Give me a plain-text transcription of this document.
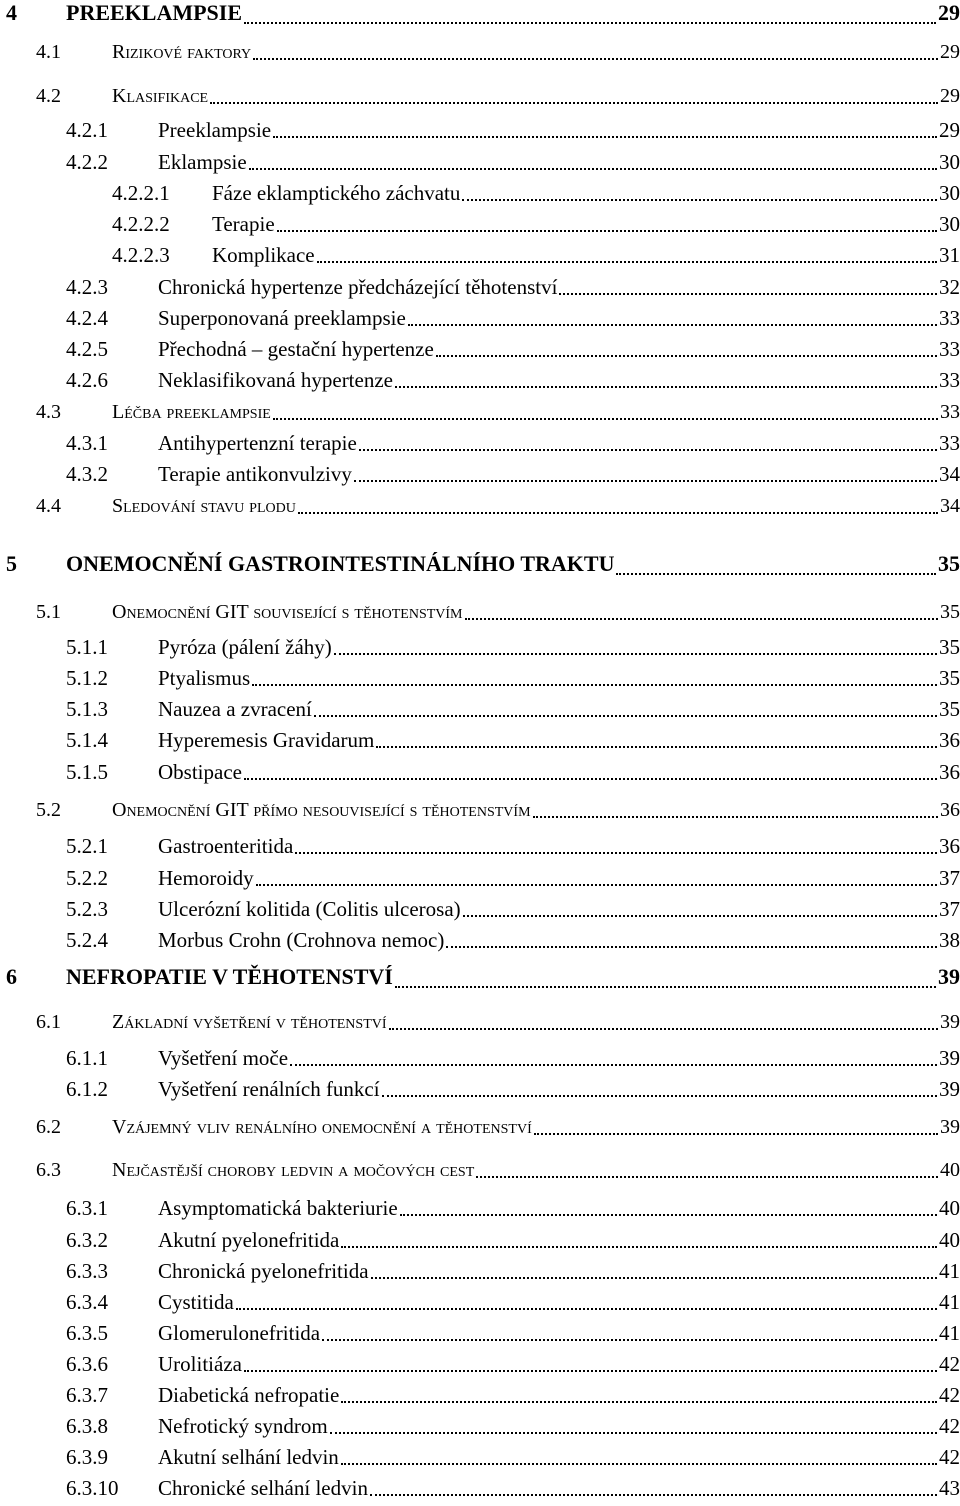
4 PREEKLAMPSIE	29
4.1	Rizikové faktory	29
4.2	Klasifikace	29
4.2.1 Preeklampsie	29
4.2.2 Eklampsie	30
4.2.2.1 Fáze eklamptického záchvatu	30
4.2.2.2 Terapie	30
4.2.2.3 Komplikace	31
4.2.3 Chronická hypertenze předcházející těhotenství	32
4.2.4 Superponovaná preeklampsie	33
4.2.5 Přechodná – gestační hypertenze	33
4.2.6 Neklasifikovaná hypertenze	33
4.3	Léčba preeklampsie	33
4.3.1 Antihypertenzní terapie	33
4.3.2 Terapie antikonvulzivy	34
4.4	Sledování stavu plodu	34
5 ONEMOCNĚNÍ GASTROINTESTINÁLNÍHO TRAKTU	35
5.1	Onemocnění GIT související s těhotenstvím	35
5.1.1 Pyróza (pálení žáhy)	35
5.1.2 Ptyalismus	35
5.1.3 Nauzea a zvracení	35
5.1.4 Hyperemesis Gravidarum	36
5.1.5 Obstipace	36
5.2	Onemocnění GIT přímo nesouvisející s těhotenstvím	36
5.2.1 Gastroenteritida	36
5.2.2 Hemoroidy	37
5.2.3 Ulcerózní kolitida (Colitis ulcerosa)	37
5.2.4 Morbus Crohn (Crohnova nemoc)	38
6 NEFROPATIE V TĚHOTENSTVÍ	39
6.1	Základní vyšetření v těhotenství	39
6.1.1 Vyšetření moče	39
6.1.2 Vyšetření renálních funkcí	39
6.2	Vzájemný vliv renálního onemocnění a těhotenství	39
6.3	Nejčastější choroby ledvin a močových cest	40
6.3.1 Asymptomatická bakteriurie	40
6.3.2 Akutní pyelonefritida	40
6.3.3 Chronická pyelonefritida	41
6.3.4 Cystitida	41
6.3.5 Glomerulonefritida	41
6.3.6 Urolitiáza	42
6.3.7 Diabetická nefropatie	42
6.3.8 Nefrotický syndrom	42
6.3.9 Akutní selhání ledvin	42
6.3.10 Chronické selhání ledvin	43
